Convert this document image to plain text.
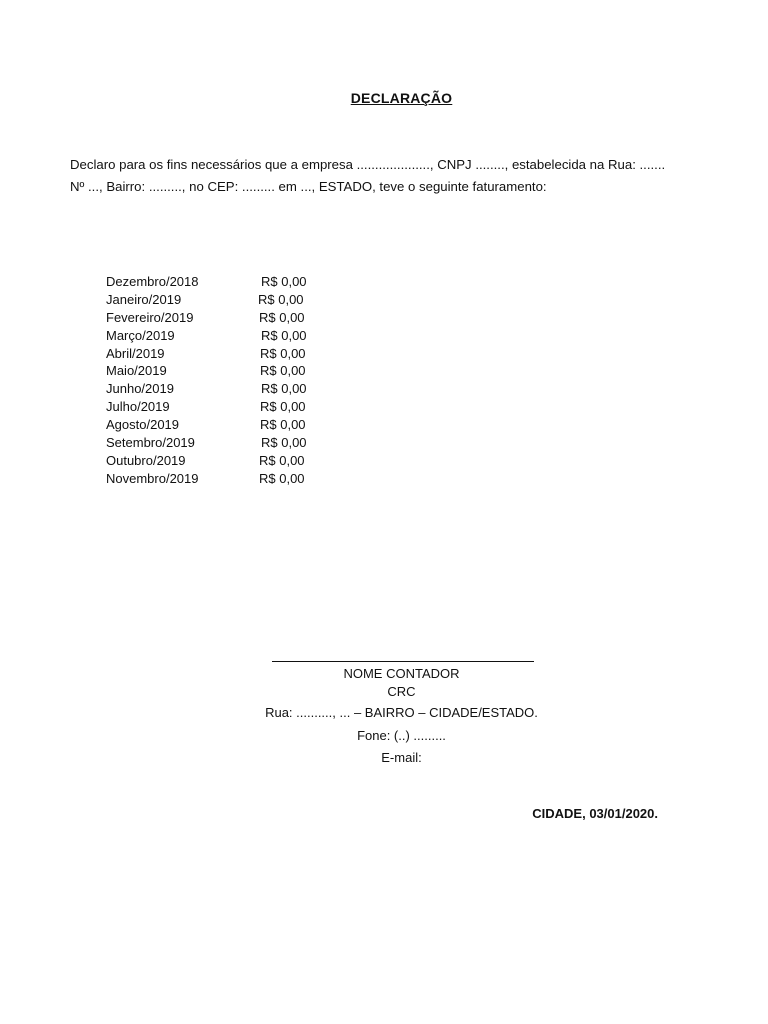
DECLARAÇÃO

Declaro para os fins necessários que a empresa ...................., CNPJ ........, estabelecida na Rua: .......

Nº ..., Bairro: ........., no CEP: ......... em ..., ESTADO, teve o seguinte faturamento:

Dezembro/2018	R$ 0,00
Janeiro/2019	R$ 0,00
Fevereiro/2019	R$ 0,00
Março/2019	R$ 0,00
Abril/2019	R$ 0,00
Maio/2019	R$ 0,00
Junho/2019	R$ 0,00
Julho/2019	R$ 0,00
Agosto/2019	R$ 0,00
Setembro/2019	R$ 0,00
Outubro/2019	R$ 0,00
Novembro/2019	R$ 0,00
NOME CONTADOR
CRC
Rua: .........., ... – BAIRRO – CIDADE/ESTADO.
Fone: (..) .........
E-mail:
CIDADE, 03/01/2020.
